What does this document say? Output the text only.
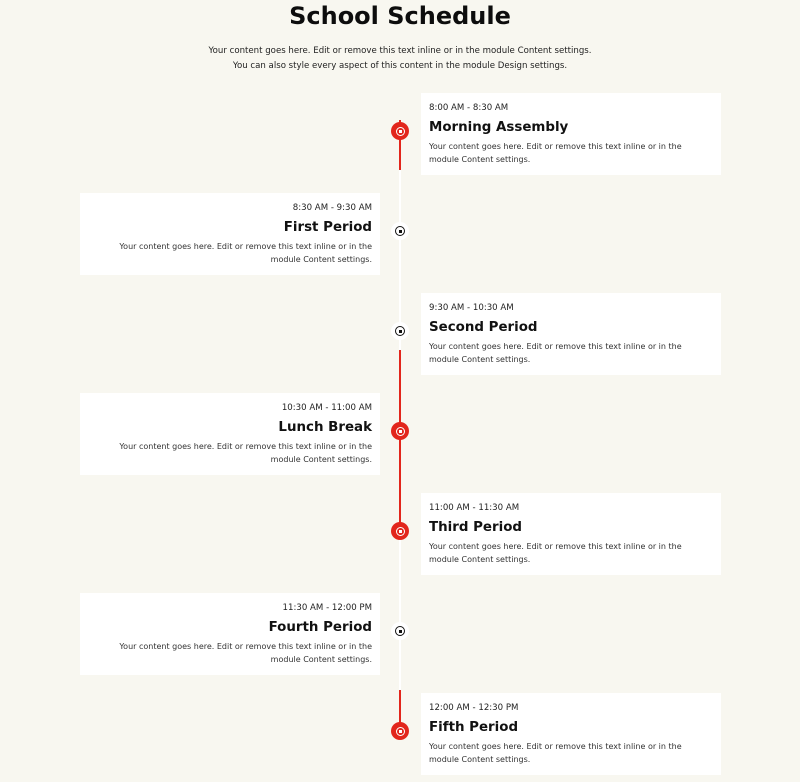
School Schedule
Your content goes here. Edit or remove this text inline or in the module Content settings.
You can also style every aspect of this content in the module Design settings.
8:00 AM - 8:30 AM
Morning Assembly
Your content goes here. Edit or remove this text inline or in the module Content settings.
8:30 AM - 9:30 AM
First Period
Your content goes here. Edit or remove this text inline or in the module Content settings.
9:30 AM - 10:30 AM
Second Period
Your content goes here. Edit or remove this text inline or in the module Content settings.
10:30 AM - 11:00 AM
Lunch Break
Your content goes here. Edit or remove this text inline or in the module Content settings.
11:00 AM - 11:30 AM
Third Period
Your content goes here. Edit or remove this text inline or in the module Content settings.
11:30 AM - 12:00 PM
Fourth Period
Your content goes here. Edit or remove this text inline or in the module Content settings.
12:00 AM - 12:30 PM
Fifth Period
Your content goes here. Edit or remove this text inline or in the module Content settings.
